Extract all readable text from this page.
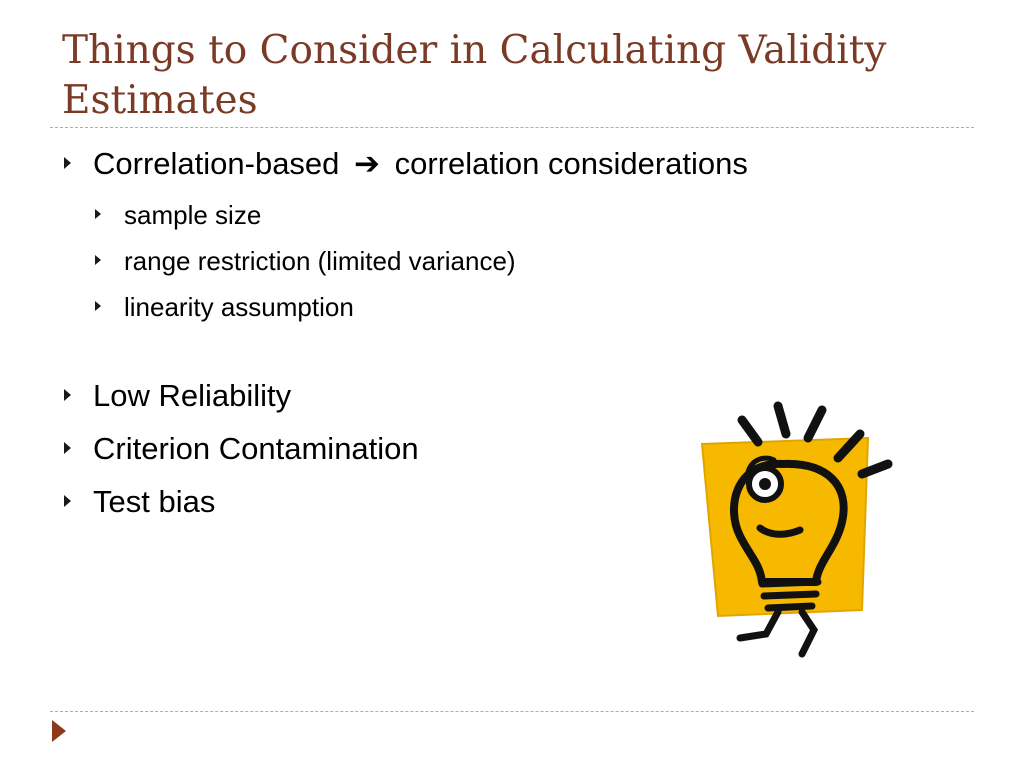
Things to Consider in Calculating Validity Estimates
Correlation-based ➔ correlation considerations
sample size
range restriction (limited variance)
linearity assumption
Low Reliability
Criterion Contamination
Test bias
